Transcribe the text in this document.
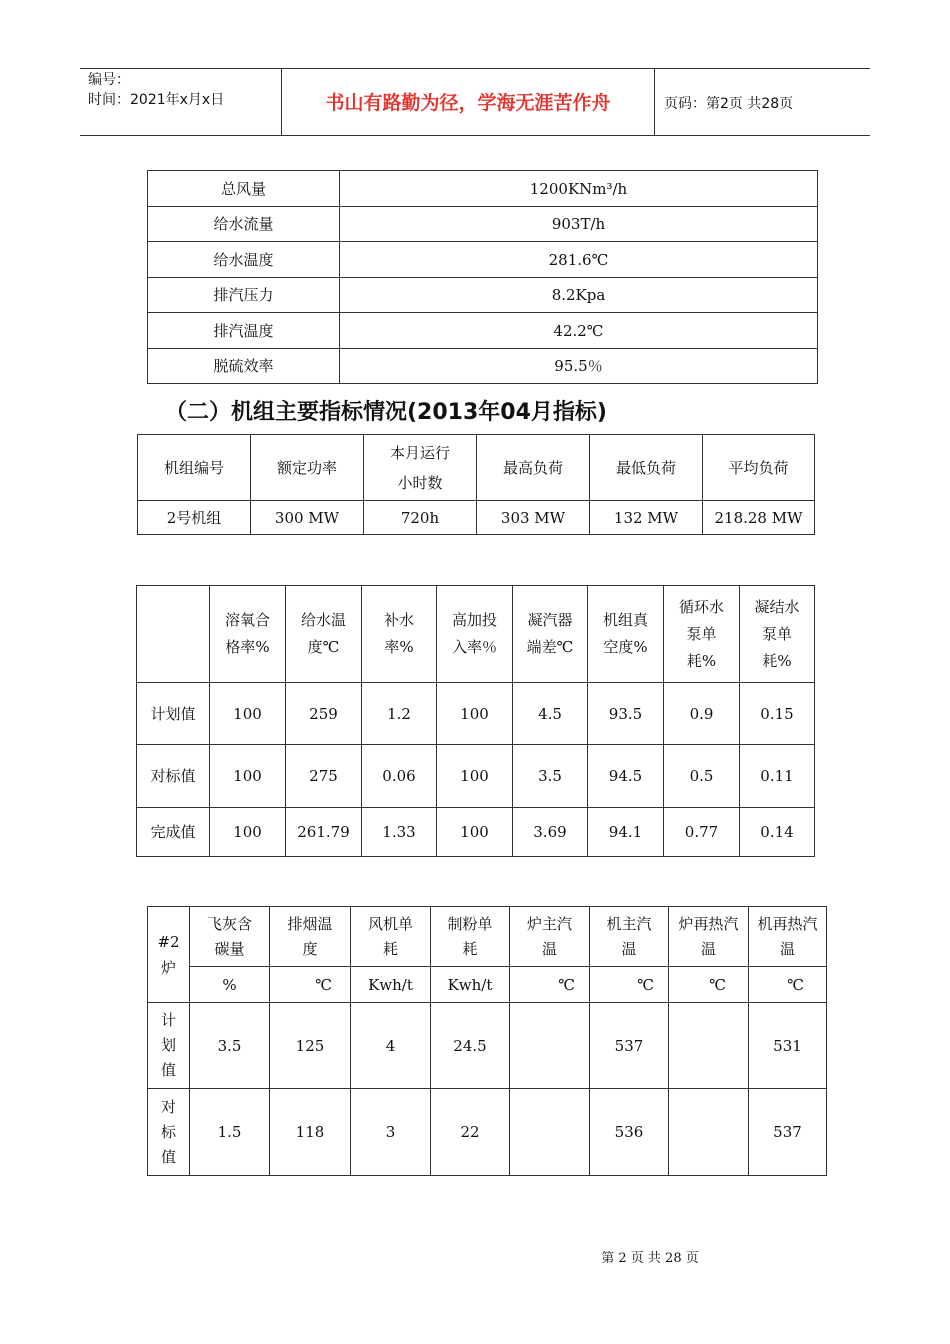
编号：
时间：2021年x月x日	书山有路勤为径，学海无涯苦作舟	页码：第2页 共28页
总风量	1200KNm³/h
给水流量	903T/h
给水温度	281.6℃
排汽压力	8.2Kpa
排汽温度	42.2℃
脱硫效率	95.5％
（二）机组主要指标情况(2013年04月指标)
机组编号	额定功率	本月运行小时数	最高负荷	最低负荷	平均负荷
2号机组	300 MW	720h	303 MW	132 MW	218.28 MW
	溶氧合格率%	给水温度℃	补水率%	高加投入率％	凝汽器端差℃	机组真空度%	循环水泵单耗%	凝结水泵单耗%
计划值	100	259	1.2	100	4.5	93.5	0.9	0.15
对标值	100	275	0.06	100	3.5	94.5	0.5	0.11
完成值	100	261.79	1.33	100	3.69	94.1	0.77	0.14
#2炉	飞灰含碳量	排烟温度	风机单耗	制粉单耗	炉主汽温	机主汽温	炉再热汽温	机再热汽温
	%	℃	Kwh/t	Kwh/t	℃	℃	℃	℃
计划值	3.5	125	4	24.5		537		531
对标值	1.5	118	3	22		536		537
第 2 页 共 28 页
